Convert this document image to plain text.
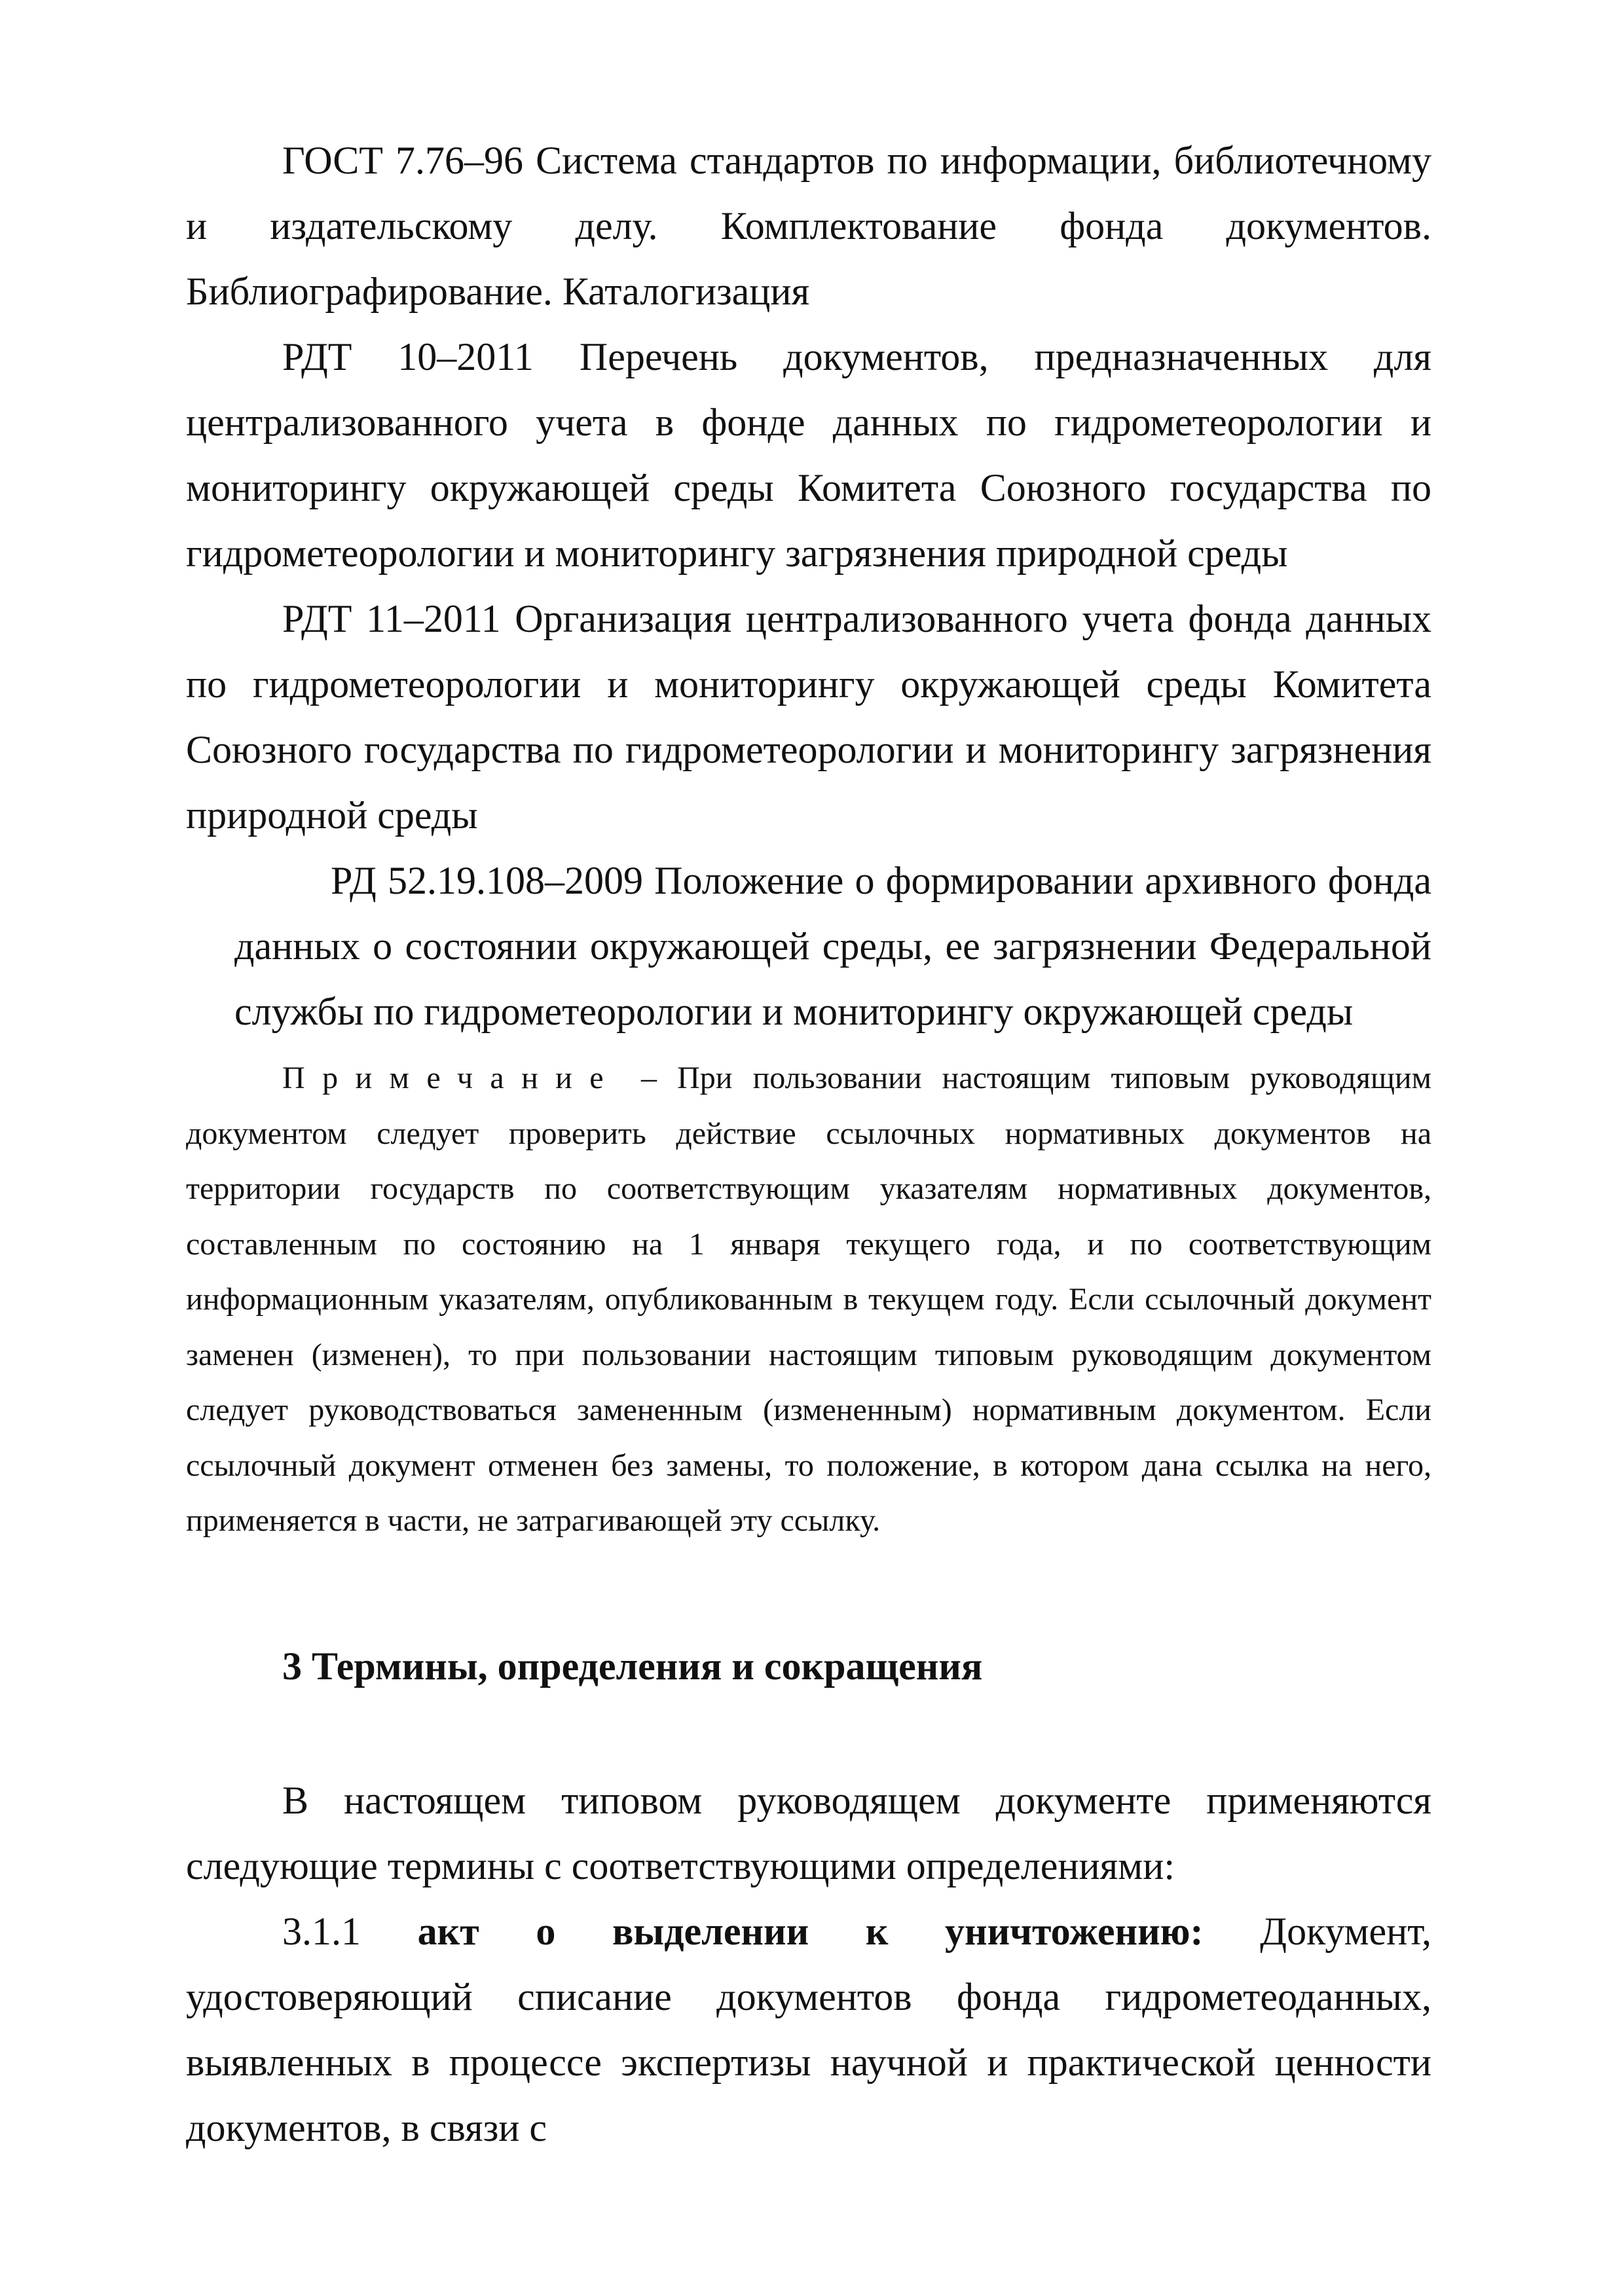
ГОСТ 7.76–96 Система стандартов по информации, библиотечному и издательскому делу. Комплектование фонда документов. Библиографирование. Каталогизация

РДТ 10–2011 Перечень документов, предназначенных для централизованного учета в фонде данных по гидрометеорологии и мониторингу окружающей среды Комитета Союзного государства по гидрометеорологии и мониторингу загрязнения природной среды

РДТ 11–2011 Организация централизованного учета фонда данных по гидрометеорологии и мониторингу окружающей среды Комитета Союзного государства по гидрометеорологии и мониторингу загрязнения природной среды

РД 52.19.108–2009 Положение о формировании архивного фонда данных о состоянии окружающей среды, ее загрязнении Федеральной службы по гидрометеорологии и мониторингу окружающей среды

Примечание – При пользовании настоящим типовым руководящим документом следует проверить действие ссылочных нормативных документов на территории государств по соответствующим указателям нормативных документов, составленным по состоянию на 1 января текущего года, и по соответствующим информационным указателям, опубликованным в текущем году. Если ссылочный документ заменен (изменен), то при пользовании настоящим типовым руководящим документом следует руководствоваться замененным (измененным) нормативным документом. Если ссылочный документ отменен без замены, то положение, в котором дана ссылка на него, применяется в части, не затрагивающей эту ссылку.

3 Термины, определения и сокращения

В настоящем типовом руководящем документе применяются следующие термины с соответствующими определениями:

3.1.1 акт о выделении к уничтожению: Документ, удостоверяющий списание документов фонда гидрометеоданных, выявленных в процессе экспертизы научной и практической ценности документов, в связи с
